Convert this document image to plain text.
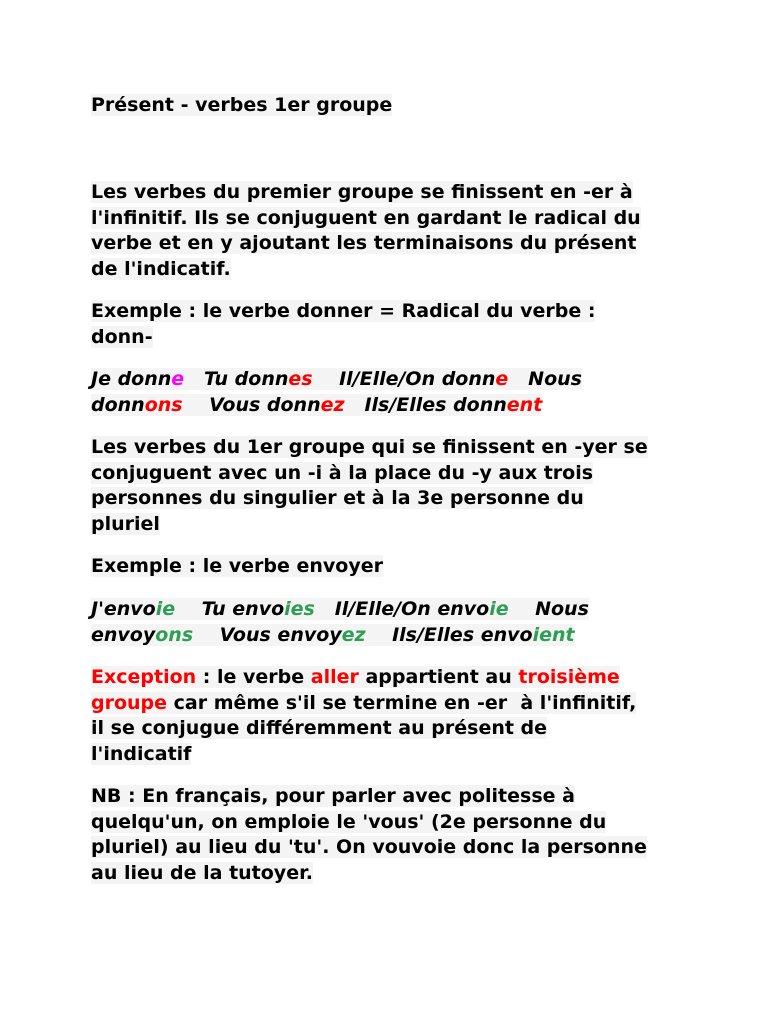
Présent - verbes 1er groupe
Les verbes du premier groupe se finissent en -er à
l'infinitif. Ils se conjuguent en gardant le radical du
verbe et en y ajoutant les terminaisons du présent
de l'indicatif.
Exemple : le verbe donner = Radical du verbe :
donn-
Je donne Tu donnes Il/Elle/On donne Nous
donnons Vous donnez Ils/Elles donnent
Les verbes du 1er groupe qui se finissent en -yer se
conjuguent avec un -i à la place du -y aux trois
personnes du singulier et à la 3e personne du
pluriel
Exemple : le verbe envoyer
J'envoie Tu envoies Il/Elle/On envoie Nous
envoyons Vous envoyez Ils/Elles envoient
Exception : le verbe aller appartient au troisième
groupe car même s'il se termine en -er  à l'infinitif,
il se conjugue différemment au présent de
l'indicatif
NB : En français, pour parler avec politesse à
quelqu'un, on emploie le 'vous' (2e personne du
pluriel) au lieu du 'tu'. On vouvoie donc la personne
au lieu de la tutoyer.
